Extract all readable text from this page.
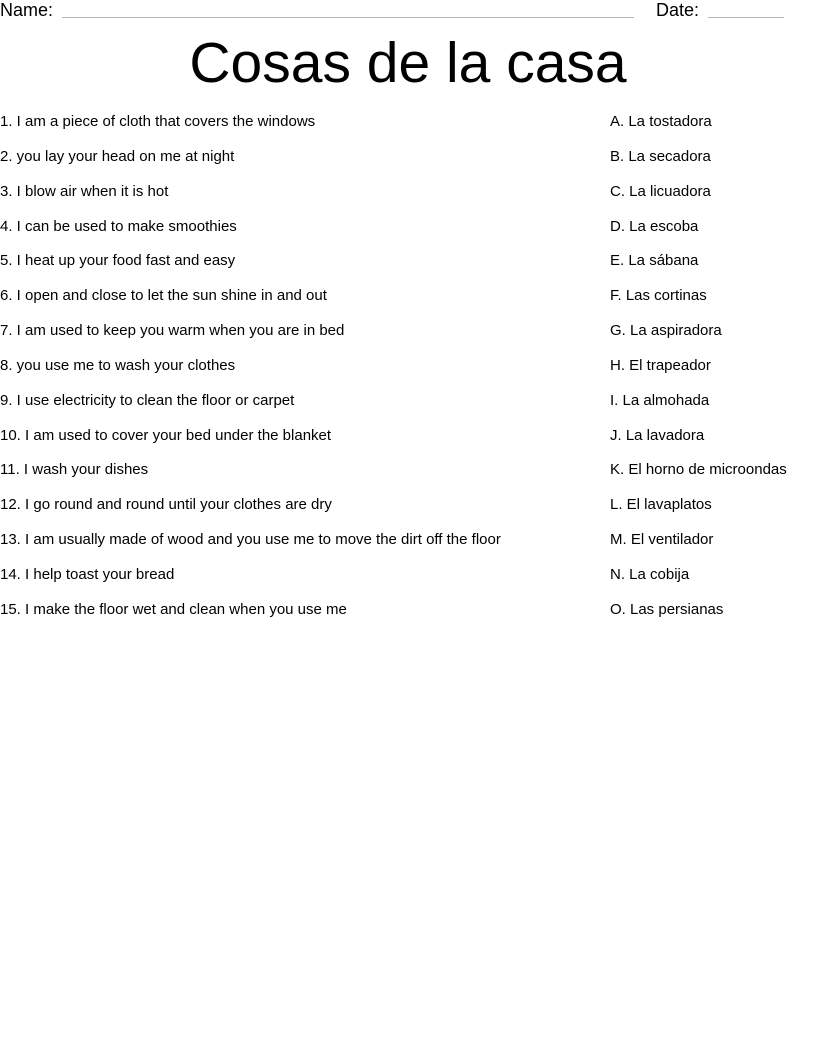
Name:	Date:
Cosas de la casa
1. I am a piece of cloth that covers the windows
2. you lay your head on me at night
3. I blow air when it is hot
4. I can be used to make smoothies
5. I heat up your food fast and easy
6. I open and close to let the sun shine in and out
7. I am used to keep you warm when you are in bed
8. you use me to wash your clothes
9. I use electricity to clean the floor or carpet
10. I am used to cover your bed under the blanket
11. I wash your dishes
12. I go round and round until your clothes are dry
13. I am usually made of wood and you use me to move the dirt off the floor
14. I help toast your bread
15. I make the floor wet and clean when you use me
A. La tostadora
B. La secadora
C. La licuadora
D. La escoba
E. La sábana
F. Las cortinas
G. La aspiradora
H. El trapeador
I. La almohada
J. La lavadora
K. El horno de microondas
L. El lavaplatos
M. El ventilador
N. La cobija
O. Las persianas
